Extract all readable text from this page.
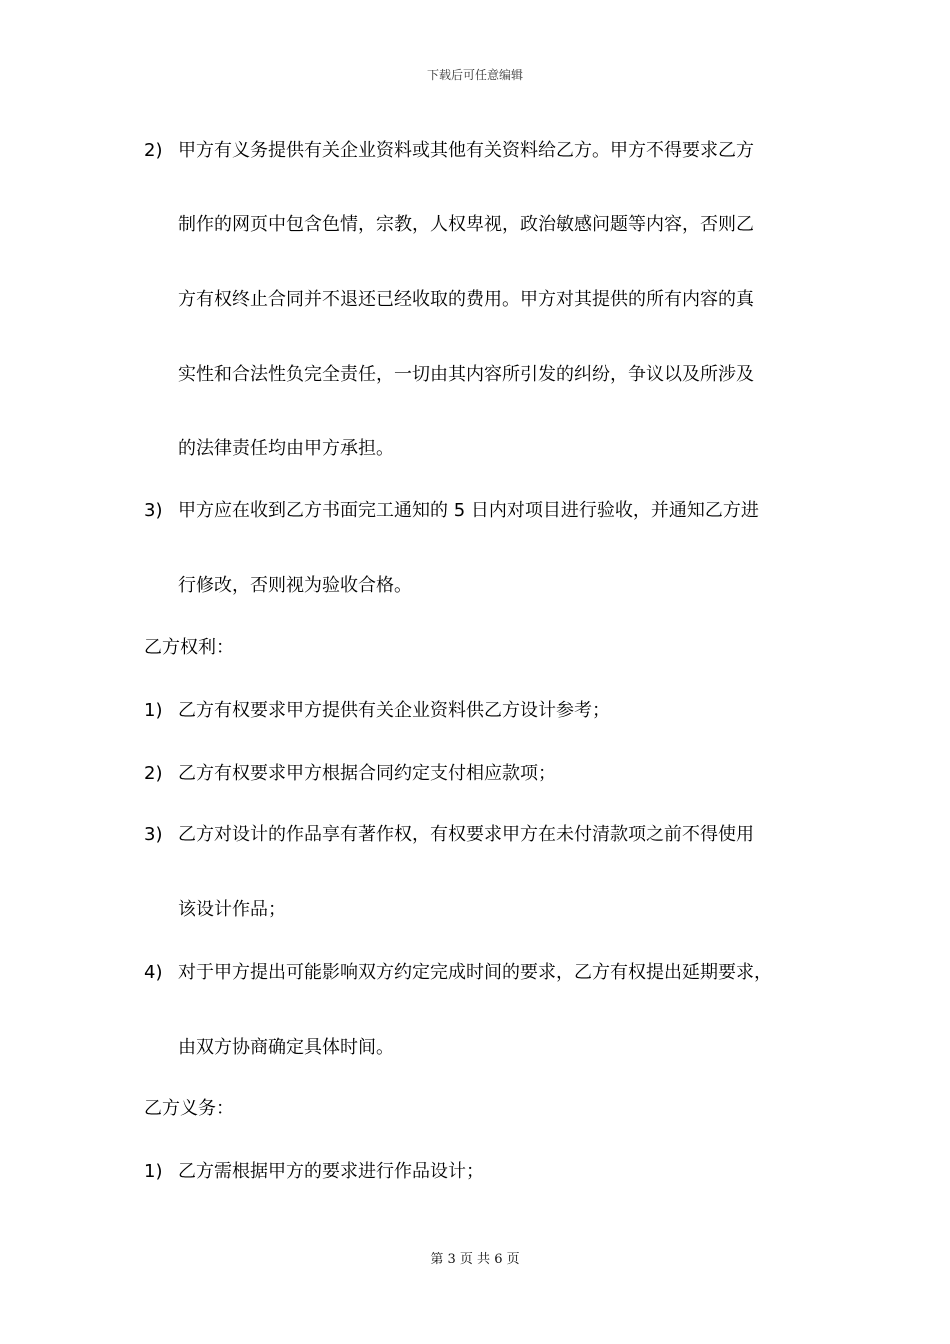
下载后可任意编辑
2) 甲方有义务提供有关企业资料或其他有关资料给乙方。甲方不得要求乙方
制作的网页中包含色情，宗教，人权卑视，政治敏感问题等内容，否则乙
方有权终止合同并不退还已经收取的费用。甲方对其提供的所有内容的真
实性和合法性负完全责任，一切由其内容所引发的纠纷，争议以及所涉及
的法律责任均由甲方承担。
3) 甲方应在收到乙方书面完工通知的 5 日内对项目进行验收，并通知乙方进
行修改，否则视为验收合格。
乙方权利：
1) 乙方有权要求甲方提供有关企业资料供乙方设计参考；
2) 乙方有权要求甲方根据合同约定支付相应款项；
3) 乙方对设计的作品享有著作权，有权要求甲方在未付清款项之前不得使用
该设计作品；
4) 对于甲方提出可能影响双方约定完成时间的要求，乙方有权提出延期要求，
由双方协商确定具体时间。
乙方义务：
1) 乙方需根据甲方的要求进行作品设计；
第 3 页 共 6 页
